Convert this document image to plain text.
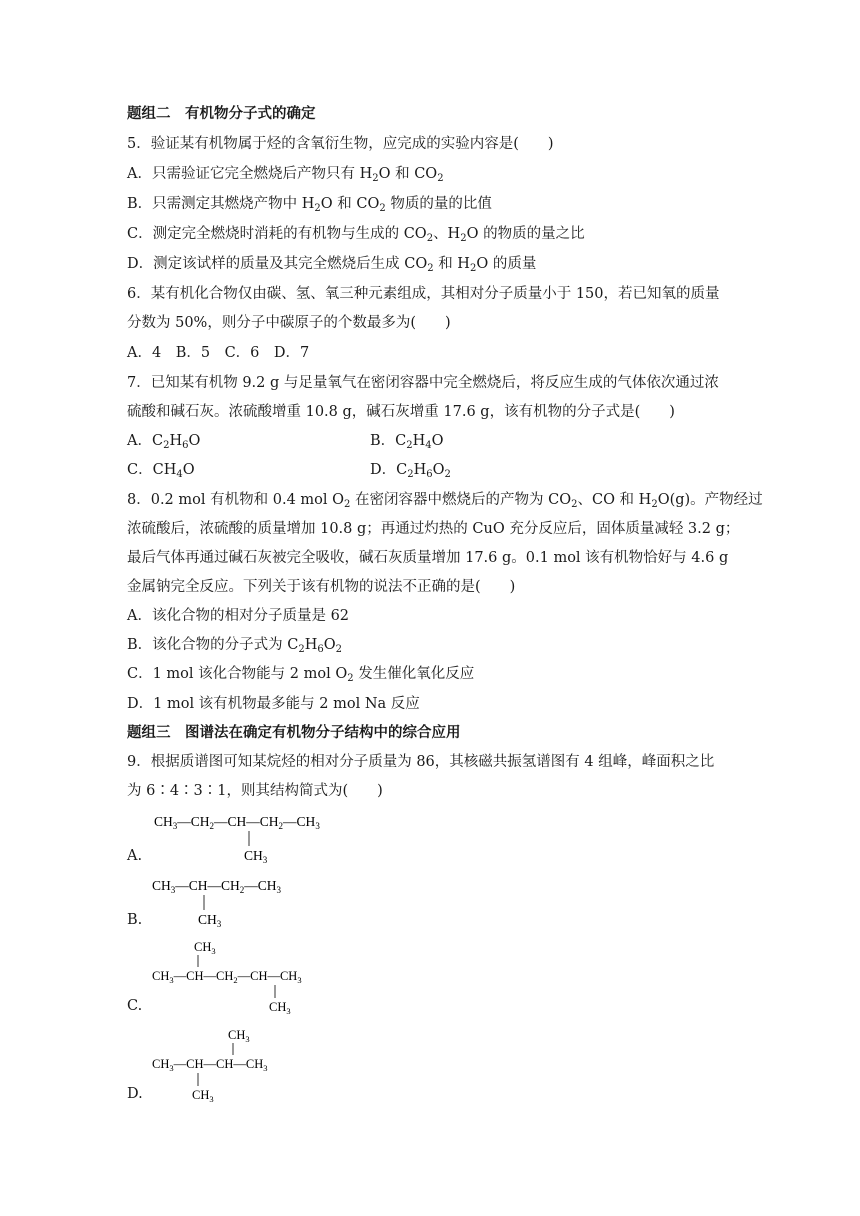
题组二　有机物分子式的确定
5．验证某有机物属于烃的含氧衍生物，应完成的实验内容是(　　)
A．只需验证它完全燃烧后产物只有 $H_2O$ 和 $CO_2$
B．只需测定其燃烧产物中 $H_2O$ 和 $CO_2$ 物质的量的比值
C．测定完全燃烧时消耗的有机物与生成的 $CO_2$、$H_2O$ 的物质的量之比
D．测定该试样的质量及其完全燃烧后生成 $CO_2$ 和 $H_2O$ 的质量
6．某有机化合物仅由碳、氢、氧三种元素组成，其相对分子质量小于 150，若已知氧的质量
分数为 50%，则分子中碳原子的个数最多为(　　)
A．4　B．5　C．6　D．7
7．已知某有机物 9.2 g 与足量氧气在密闭容器中完全燃烧后，将反应生成的气体依次通过浓
硫酸和碱石灰。浓硫酸增重 10.8 g，碱石灰增重 17.6 g，该有机物的分子式是(　　)
A．$C_2H_6O$	B．$C_2H_4O$
C．$CH_4O$	D．$C_2H_6O_2$
8．0.2 mol 有机物和 0.4 mol $O_2$ 在密闭容器中燃烧后的产物为 $CO_2$、CO 和 $H_2O(g)$。产物经过
浓硫酸后，浓硫酸的质量增加 10.8 g；再通过灼热的 CuO 充分反应后，固体质量减轻 3.2 g；
最后气体再通过碱石灰被完全吸收，碱石灰质量增加 17.6 g。0.1 mol 该有机物恰好与 4.6 g
金属钠完全反应。下列关于该有机物的说法不正确的是(　　)
A．该化合物的相对分子质量是 62
B．该化合物的分子式为 $C_2H_6O_2$
C．1 mol 该化合物能与 2 mol $O_2$ 发生催化氧化反应
D．1 mol 该有机物最多能与 2 mol Na 反应
题组三　图谱法在确定有机物分子结构中的综合应用
9．根据质谱图可知某烷烃的相对分子质量为 86，其核磁共振氢谱图有 4 组峰，峰面积之比
为 6∶4∶3∶1，则其结构简式为(　　)
A.
$CH_3—CH_2—CH—CH_2—CH_3$
$CH_3$
B.
$CH_3—CH—CH_2—CH_3$
$CH_3$
C.
$CH_3$
$CH_3—CH—CH_2—CH—CH_3$
$CH_3$
D.
$CH_3$
$CH_3—CH—CH—CH_3$
$CH_3$
